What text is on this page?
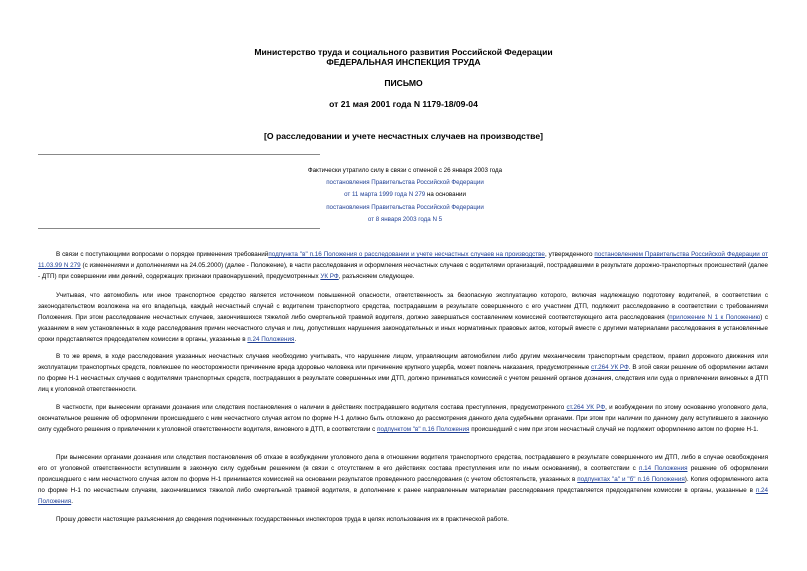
Министерство труда и социального развития Российской Федерации
ФЕДЕРАЛЬНАЯ ИНСПЕКЦИЯ ТРУДА
ПИСЬМО
от 21 мая 2001 года N 1179-18/09-04
[О расследовании и учете несчастных случаев на производстве]
Фактически утратило силу в связи с отменой с 26 января 2003 года
постановления Правительства Российской Федерации
от 11 марта 1999 года N 279 на основании
постановления Правительства Российской Федерации
от 8 января 2003 года N 5
В связи с поступающими вопросами о порядке применения требованийподпункта "в" п.16 Положения о расследовании и учете несчастных случаев на производстве, утвержденного постановлением Правительства Российской Федерации от 11.03.99 N 279 (с изменениями и дополнениями на 24.05.2000) (далее - Положение), в части расследования и оформления несчастных случаев с водителями организаций, пострадавшими в результате дорожно-транспортных происшествий (далее - ДТП) при совершении ими деяний, содержащих признаки правонарушений, предусмотренных УК РФ, разъясняем следующее.
Учитывая, что автомобиль или иное транспортное средство является источником повышенной опасности, ответственность за безопасную эксплуатацию которого, включая надлежащую подготовку водителей, в соответствии с законодательством возложена на его владельца, каждый несчастный случай с водителем транспортного средства, пострадавшим в результате совершенного с его участием ДТП, подлежит расследованию в соответствии с требованиями Положения. При этом расследование несчастных случаев, закончившихся тяжелой либо смертельной травмой водителя, должно завершаться составлением комиссией соответствующего акта расследования (приложение N 1 к Положению) с указанием в нем установленных в ходе расследования причин несчастного случая и лиц, допустивших нарушения законодательных и иных нормативных правовых актов, который вместе с другими материалами расследования в установленные сроки представляется председателем комиссии в органы, указанные в п.24 Положения.
В то же время, в ходе расследования указанных несчастных случаев необходимо учитывать, что нарушение лицом, управляющим автомобилем либо другим механическим транспортным средством, правил дорожного движения или эксплуатации транспортных средств, повлекшее по неосторожности причинение вреда здоровью человека или причинение крупного ущерба, может повлечь наказания, предусмотренные ст.264 УК РФ. В этой связи решение об оформлении актами по форме Н-1 несчастных случаев с водителями транспортных средств, пострадавших в результате совершенных ими ДТП, должно приниматься комиссией с учетом решений органов дознания, следствия или суда о привлечении виновных в ДТП лиц к уголовной ответственности.
В частности, при вынесении органами дознания или следствия постановления о наличии в действиях пострадавшего водителя состава преступления, предусмотренного ст.264 УК РФ, и возбуждении по этому основанию уголовного дела, окончательное решение об оформлении происшедшего с ним несчастного случая актом по форме Н-1 должно быть отложено до рассмотрения данного дела судебными органами. При этом при наличии по данному делу вступившего в законную силу судебного решения о привлечении к уголовной ответственности водителя, виновного в ДТП, в соответствии с подпунктом "в" п.16 Положения происшедший с ним при этом несчастный случай не подлежит оформлению актом по форме Н-1.
При вынесении органами дознания или следствия постановления об отказе в возбуждении уголовного дела в отношении водителя транспортного средства, пострадавшего в результате совершенного им ДТП, либо в случае освобождения его от уголовной ответственности вступившим в законную силу судебным решением (в связи с отсутствием в его действиях состава преступления или по иным основаниям), в соответствии с п.14 Положения решение об оформлении происшедшего с ним несчастного случая актом по форме Н-1 принимается комиссией на основании результатов проведенного расследования (с учетом обстоятельств, указанных в подпунктах "а" и "б" п.16 Положения). Копия оформленного акта по форме Н-1 по несчастным случаям, закончившимся тяжелой либо смертельной травмой водителя, в дополнение к ранее направленным материалам расследования представляется председателем комиссии в органы, указанные в п.24 Положения.
Прошу довести настоящие разъяснения до сведения подчиненных государственных инспекторов труда в целях использования их в практической работе.
